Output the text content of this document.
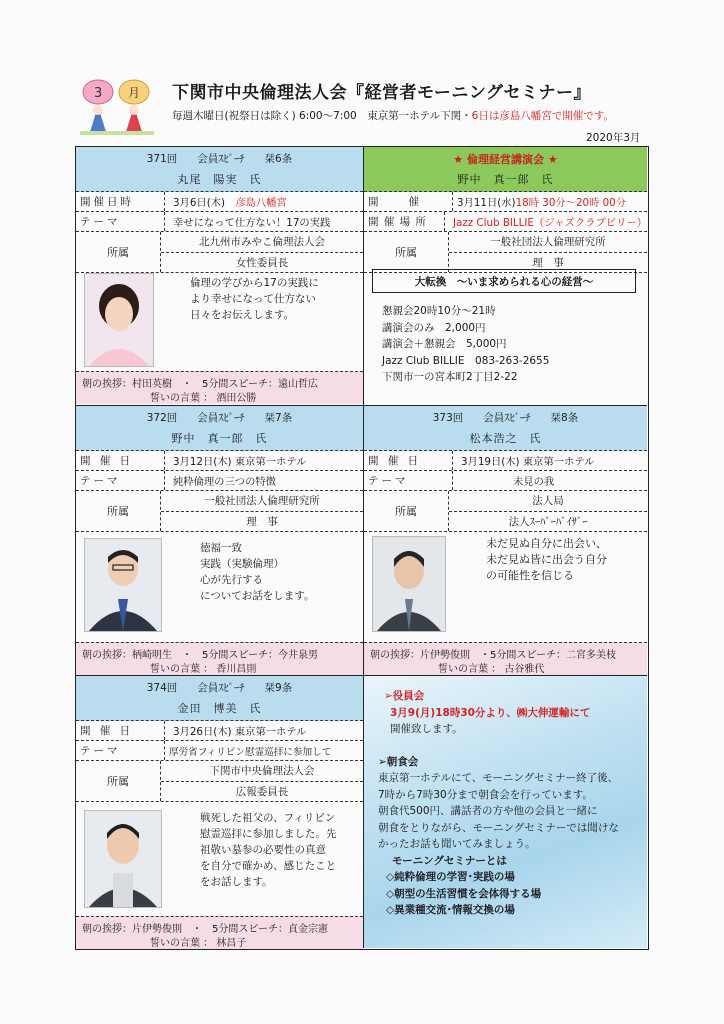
3 月 下関市中央倫理法人会『経営者モーニングセミナー』
毎週木曜日(祝祭日は除く) 6:00～7:00　東京第一ホテル下関・6日は彦島八幡宮で開催です。
2020年3月
371回 会員ｽﾋﾟｰﾁ 栞6条
丸尾　陽実　氏
開催日時	3月6日(木)　 彦島八幡宮
テーマ	幸せになって仕方ない！17の実践
所属
北九州市みやこ倫理法人会
女性委員長
倫理の学びから17の実践に
より幸せになって仕方ない
日々をお伝えします。
朝の挨拶：村田英樹　・　5分間スピーチ：遠山哲広
誓いの言葉 ： 酒田公勝
★ 倫理経営講演会 ★
野中　真一郎　氏
開　　催	3月11日(水)18時 30分～20時 00分
開 催 場 所	Jazz Club BILLIE（ジャズクラブビリー）
所属
一般社団法人倫理研究所
理　事
大転換　～いま求められる心の経営～
懇親会20時10分～21時
講演会のみ　2,000円
講演会＋懇親会　5,000円
Jazz Club BILLIE　083-263-2655
下関市一の宮本町2丁目2-22
372回 会員ｽﾋﾟｰﾁ 栞7条
野中　真一郎　氏
開 催 日	3月12日(木) 東京第一ホテル
テーマ	純粋倫理の三つの特徴
所属
一般社団法人倫理研究所
理　事
徳福一致
実践（実験倫理）
心が先行する
についてお話をします。
朝の挨拶：柄崎明生　・　5分間スピーチ：今井泉男
誓いの言葉 ： 香川昌則
373回 会員ｽﾋﾟｰﾁ 栞8条
松本浩之　氏
開 催 日	3月19日(木) 東京第一ホテル
テーマ	未見の我
所属
法人局
法人ｽｰﾊﾟｰﾊﾞｲｻﾞｰ
未だ見ぬ自分に出会い、
未だ見ぬ皆に出会う自分
の可能性を信じる
朝の挨拶：片伊勢俊則　・5分間スピーチ：二宮多美枝
誓いの言葉 ： 古谷雅代
374回 会員ｽﾋﾟｰﾁ 栞9条
金田　博美　氏
開 催 日	3月26日(木) 東京第一ホテル
テーマ	厚労省フィリピン慰霊巡拝に参加して
所属
下関市中央倫理法人会
広報委員長
戦死した祖父の、フィリピン
慰霊巡拝に参加しました。先
祖敬い墓参の必要性の真意
を自分で確かめ、感じたこと
をお話します。
朝の挨拶：片伊勢俊則　・　5分間スピーチ：貞金宗憲
誓いの言葉 ： 林昌子
➢役員会
3月9(月)18時30分より、㈱大伸運輸にて
開催致します。
➢朝食会
東京第一ホテルにて、モーニングセミナー終了後、
7時から7時30分まで朝食会を行っています。
朝食代500円、講話者の方や他の会員と一緒に
朝食をとりながら、モーニングセミナーでは聞けな
かったお話も聞いてみましょう。
モーニングセミナーとは
◇純粋倫理の学習･実践の場
◇朝型の生活習慣を会体得する場
◇異業種交流･情報交換の場
